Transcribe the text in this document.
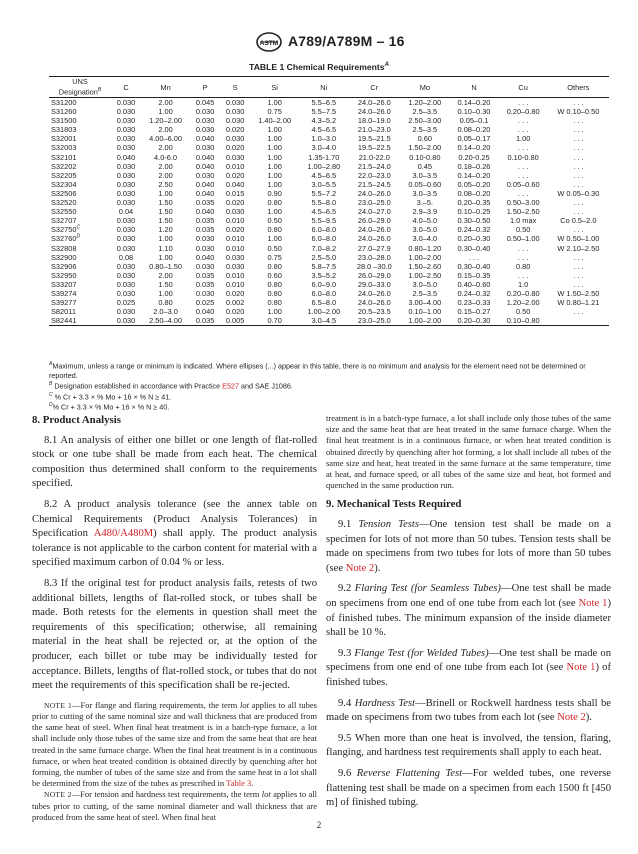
ASTM A789/A789M – 16
TABLE 1 Chemical Requirements$^A$
UNS Designation$^B$	C	Mn	P	S	Si	Ni	Cr	Mo	N	Cu	Others
S31200	0.030	2.00	0.045	0.030	1.00	5.5–6.5	24.0–26.0	1.20–2.00	0.14–0.20	. . .	. . .
S31260	0.030	1.00	0.030	0.030	0.75	5.5–7.5	24.0–26.0	2.5–3.5	0.10–0.30	0.20–0.80	W 0.10–0.50
S31500	0.030	1.20–2.00	0.030	0.030	1.40–2.00	4.3–5.2	18.0–19.0	2.50–3.00	0.05–0.1	. . .	. . .
S31803	0.030	2.00	0.030	0.020	1.00	4.5–6.5	21.0–23.0	2.5–3.5	0.08–0.20	. . .	. . .
S32001	0.030	4.00–6.00	0.040	0.030	1.00	1.0–3.0	19.5–21.5	0.60	0.05–0.17	1.00	. . .
S32003	0.030	2.00	0.030	0.020	1.00	3.0–4.0	19.5–22.5	1.50–2.00	0.14–0.20	. . .	. . .
S32101	0.040	4.0-6.0	0.040	0.030	1.00	1.35-1.70	21.0-22.0	0.10-0.80	0.20-0.25	0.10-0.80	. . .
S32202	0.030	2.00	0.040	0.010	1.00	1.00–2.80	21.5–24.0	0.45	0.18–0.26	. . .	. . .
S32205	0.030	2.00	0.030	0.020	1.00	4.5–6.5	22.0–23.0	3.0–3.5	0.14–0.20	. . .	. . .
S32304	0.030	2.50	0.040	0.040	1.00	3.0–5.5	21.5–24.5	0.05–0.60	0.05–0.20	0.05–0.60	. . .
S32506	0.030	1.00	0.040	0.015	0.90	5.5–7.2	24.0–26.0	3.0–3.5	0.08–0.20	. . .	W 0.05–0.30
S32520	0.030	1.50	0.035	0.020	0.80	5.5–8.0	23.0–25.0	3.–5.	0.20–0.35	0.50–3.00	. . .
S32550	0.04	1.50	0.040	0.030	1.00	4.5–6.5	24.0–27.0	2.9–3.9	0.10–0.25	1.50–2.50	. . .
S32707	0.030	1.50	0.035	0.010	0.50	5.5–9.5	26.0–29.0	4.0–5.0	0.30–0.50	1.0 max	Co 0.5–2.0
$S32750^C$	0.030	1.20	0.035	0.020	0.80	6.0–8.0	24.0–26.0	3.0–5.0	0.24–0.32	0.50	. . .
$S32760^D$	0.030	1.00	0.030	0.010	1.00	6.0–8.0	24.0–26.0	3.0–4.0	0.20–0.30	0.50–1.00	W 0.50–1.00
S32808	0.030	1.10	0.030	0.010	0.50	7.0–8.2	27.0–27.9	0.80–1.20	0.30–0.40	. . .	W 2.10–2.50
S32900	0.08	1.00	0.040	0.030	0.75	2.5–5.0	23.0–28.0	1.00–2.00	. . .	. . .	. . .
S32906	0.030	0.80–1.50	0.030	0.030	0.80	5.8–7.5	28.0 –30.0	1.50–2.60	0.30–0.40	0.80	. . .
S32950	0.030	2.00	0.035	0.010	0.60	3.5–5.2	26.0–29.0	1.00–2.50	0.15–0.35	. . .	. . .
S33207	0.030	1.50	0.035	0.010	0.80	6.0–9.0	29.0–33.0	3.0–5.0	0.40–0.60	1.0	. . .
S39274	0.030	1.00	0.030	0.020	0.80	6.0–8.0	24.0–26.0	2.5–3.5	0.24–0.32	0.20–0.80	W 1.50–2.50
S39277	0.025	0.80	0.025	0.002	0.80	6.5–8.0	24.0–26.0	3.00–4.00	0.23–0.33	1.20–2.00	W 0.80–1.21
S82011	0.030	2.0–3.0	0.040	0.020	1.00	1.00–2.00	20.5–23.5	0.10–1.00	0.15–0.27	0.50	. . .
S82441	0.030	2.50–4.00	0.035	0.005	0.70	3.0–4.5	23.0–25.0	1.00–2.00	0.20–0.30	0.10–0.80	

$^A$Maximum, unless a range or minimum is indicated. Where ellipses (...) appear in this table, there is no minimum and analysis for the element need not be determined or reported.

$^B$ Designation established in accordance with Practice E527 and SAE J1086.

$^C$ % Cr + 3.3 × % Mo + 16 × % N ≥ 41.

$^D$% Cr + 3.3 × % Mo + 16 × % N ≥ 40.

8. Product Analysis

8.1 An analysis of either one billet or one length of flat-rolled stock or one tube shall be made from each heat. The chemical composition thus determined shall conform to the requirements specified.

8.2 A product analysis tolerance (see the annex table on Chemical Requirements (Product Analysis Tolerances) in Specification A480/A480M) shall apply. The product analysis tolerance is not applicable to the carbon content for material with a specified maximum carbon of 0.04 % or less.

8.3 If the original test for product analysis fails, retests of two additional billets, lengths of flat-rolled stock, or tubes shall be made. Both retests for the elements in question shall meet the requirements of this specification; otherwise, all remaining material in the heat shall be rejected or, at the option of the producer, each billet or tube may be individually tested for acceptance. Billets, lengths of flat-rolled stock, or tubes that do not meet the requirements of this specification shall be re-jected.

NOTE 1—For flange and flaring requirements, the term lot applies to all tubes prior to cutting of the same nominal size and wall thickness that are produced from the same heat of steel. When final heat treatment is in a batch-type furnace, a lot shall include only those tubes of the same size and from the same heat that are heat treated in the same furnace charge. When the final heat treatment is in a continuous furnace, or when heat treated condition is obtained directly by quenching after hot forming, the number of tubes of the same size and from the same heat in a lot shall be determined from the size of the tubes as prescribed in Table 3.

NOTE 2—For tension and hardness test requirements, the term lot applies to all tubes prior to cutting, of the same nominal diameter and wall thickness that are produced from the same heat of steel. When final heat

treatment is in a batch-type furnace, a lot shall include only those tubes of the same size and the same heat that are heat treated in the same furnace charge. When the final heat treatment is in a continuous furnace, or when heat treated condition is obtained directly by quenching after hot forming, a lot shall include all tubes of the same size and heat, heat treated in the same furnace at the same temperature, time at heat, and furnace speed, or all tubes of the same size and heat, hot formed and quenched in the same production run.

9. Mechanical Tests Required

9.1 Tension Tests—One tension test shall be made on a specimen for lots of not more than 50 tubes. Tension tests shall be made on specimens from two tubes for lots of more than 50 tubes (see Note 2).

9.2 Flaring Test (for Seamless Tubes)—One test shall be made on specimens from one end of one tube from each lot (see Note 1) of finished tubes. The minimum expansion of the inside diameter shall be 10 %.

9.3 Flange Test (for Welded Tubes)—One test shall be made on specimens from one end of one tube from each lot (see Note 1) of finished tubes.

9.4 Hardness Test—Brinell or Rockwell hardness tests shall be made on specimens from two tubes from each lot (see Note 2).

9.5 When more than one heat is involved, the tension, flaring, flanging, and hardness test requirements shall apply to each heat.

9.6 Reverse Flattening Test—For welded tubes, one reverse flattening test shall be made on a specimen from each 1500 ft [450 m] of finished tubing.

2
